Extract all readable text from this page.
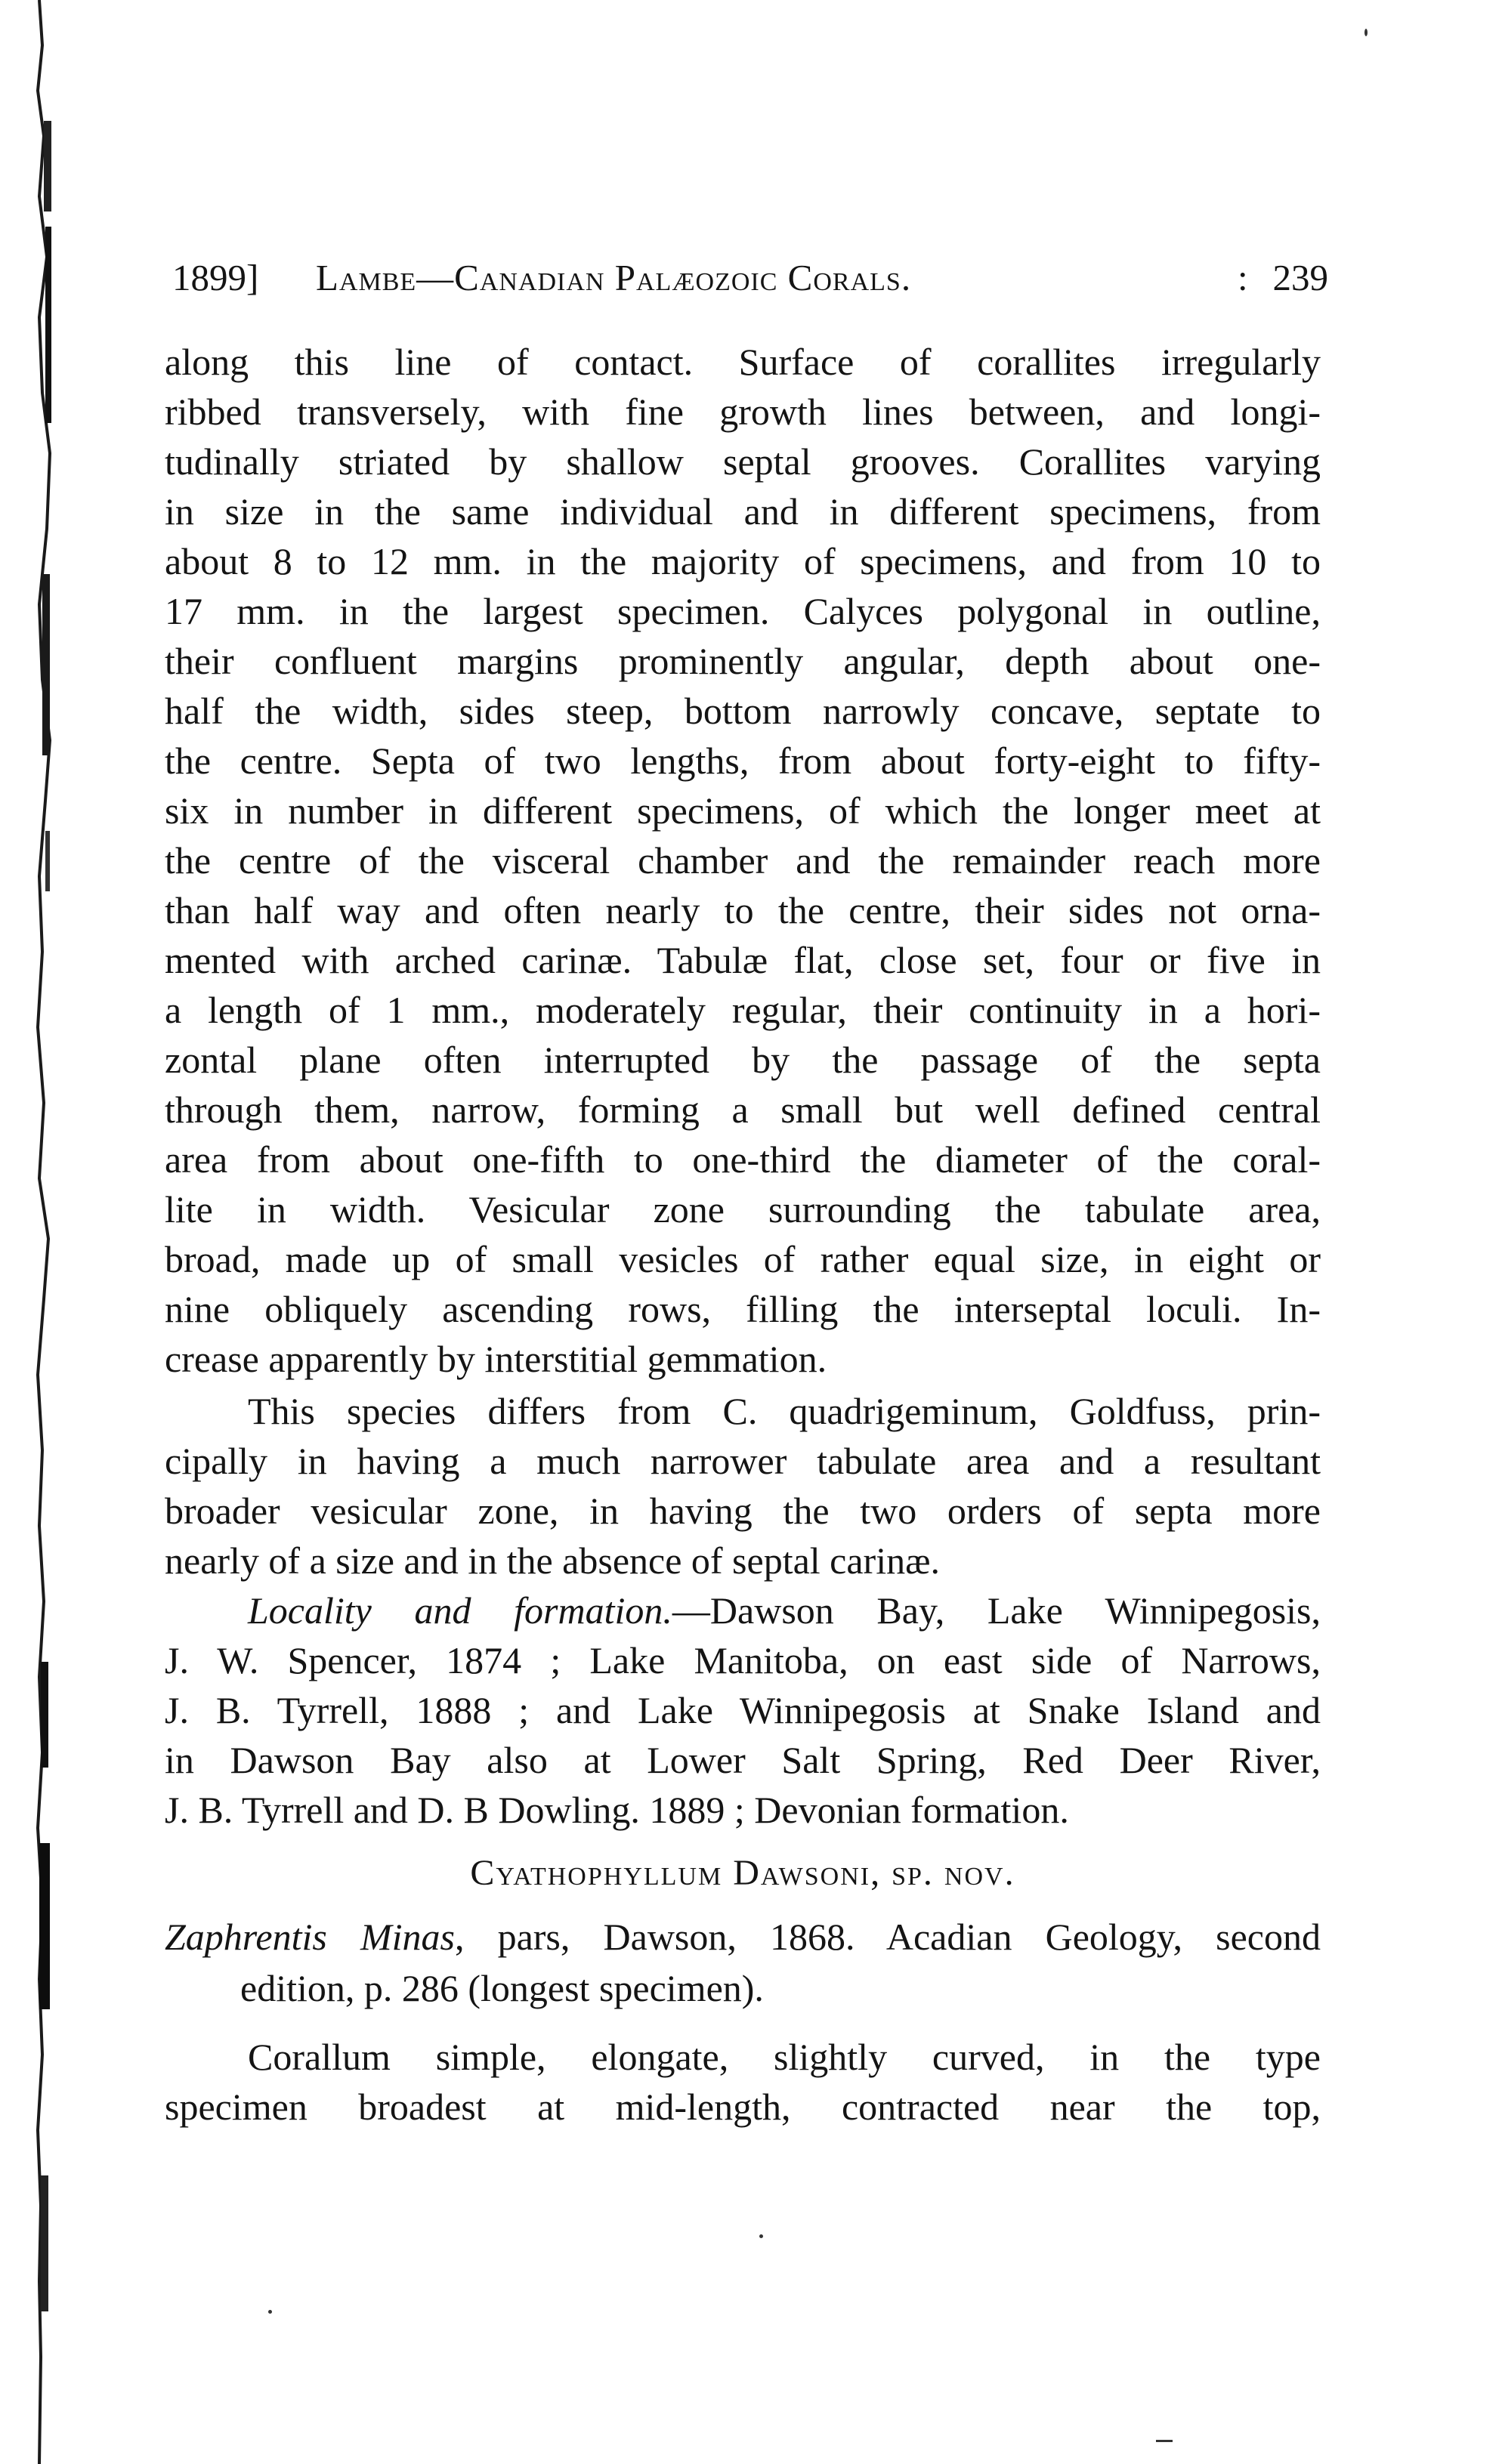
1899] Lambe—Canadian Palæozoic Corals.	: 239

along this line of contact. Surface of corallites irregularly

ribbed transversely, with fine growth lines between, and longi-

tudinally striated by shallow septal grooves. Corallites varying

in size in the same individual and in different specimens, from

about 8 to 12 mm. in the majority of specimens, and from 10 to

17 mm. in the largest specimen. Calyces polygonal in outline,

their confluent margins prominently angular, depth about one-

half the width, sides steep, bottom narrowly concave, septate to

the centre. Septa of two lengths, from about forty-eight to fifty-

six in number in different specimens, of which the longer meet at

the centre of the visceral chamber and the remainder reach more

than half way and often nearly to the centre, their sides not orna-

mented with arched carinæ. Tabulæ flat, close set, four or five in

a length of 1 mm., moderately regular, their continuity in a hori-

zontal plane often interrupted by the passage of the septa

through them, narrow, forming a small but well defined central

area from about one-fifth to one-third the diameter of the coral-

lite in width. Vesicular zone surrounding the tabulate area,

broad, made up of small vesicles of rather equal size, in eight or

nine obliquely ascending rows, filling the interseptal loculi. In-

crease apparently by interstitial gemmation.

This species differs from C. quadrigeminum, Goldfuss, prin-

cipally in having a much narrower tabulate area and a resultant

broader vesicular zone, in having the two orders of septa more

nearly of a size and in the absence of septal carinæ.

Locality and formation.—Dawson Bay, Lake Winnipegosis,

J. W. Spencer, 1874 ; Lake Manitoba, on east side of Narrows,

J. B. Tyrrell, 1888 ; and Lake Winnipegosis at Snake Island and

in Dawson Bay also at Lower Salt Spring, Red Deer River,

J. B. Tyrrell and D. B Dowling. 1889 ; Devonian formation.

Cyathophyllum Dawsoni, sp. nov.
Zaphrentis Minas, pars, Dawson, 1868. Acadian Geology, second
edition, p. 286 (longest specimen).

Corallum simple, elongate, slightly curved, in the type

specimen broadest at mid-length, contracted near the top,
